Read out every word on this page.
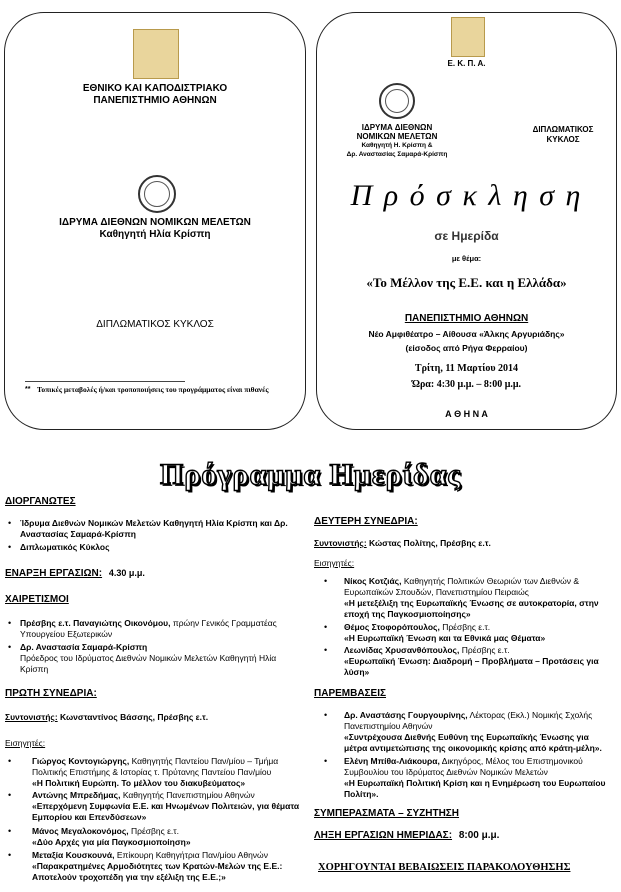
ΕΘΝΙΚΟ ΚΑΙ ΚΑΠΟΔΙΣΤΡΙΑΚΟ
ΠΑΝΕΠΙΣΤΗΜΙΟ ΑΘΗΝΩΝ
ΙΔΡΥΜΑ ΔΙΕΘΝΩΝ ΝΟΜΙΚΩΝ ΜΕΛΕΤΩΝ
Καθηγητή Ηλία Κρίσπη
ΔΙΠΛΩΜΑΤΙΚΟΣ ΚΥΚΛΟΣ
** Τοπικές μεταβολές ή/και τροποποιήσεις του προγράμματος είναι πιθανές
Ε. Κ. Π. Α.
ΙΔΡΥΜΑ ΔΙΕΘΝΩΝ
ΝΟΜΙΚΩΝ ΜΕΛΕΤΩΝ
Καθηγητή Η. Κρίσπη &
Δρ. Αναστασίας Σαμαρά-Κρίσπη
ΔΙΠΛΩΜΑΤΙΚΟΣ
ΚΥΚΛΟΣ
Π ρ ό σ κ λ η σ η
σε Ημερίδα
με θέμα:
«Το Μέλλον της Ε.Ε. και η Ελλάδα»
ΠΑΝΕΠΙΣΤΗΜΙΟ ΑΘΗΝΩΝ
Νέο Αμφιθέατρο – Αίθουσα «Άλκης Αργυριάδης»
(είσοδος από Ρήγα Φερραίου)
Τρίτη, 11 Μαρτίου 2014
Ώρα: 4:30 μ.μ. – 8:00 μ.μ.
Α Θ Η Ν Α
Πρόγραμμα Ημερίδας
ΔΙΟΡΓΑΝΩΤΕΣ
• Ίδρυμα Διεθνών Νομικών Μελετών Καθηγητή Ηλία Κρίσπη και Δρ. Αναστασίας Σαμαρά-Κρίσπη
• Διπλωματικός Κύκλος
ΕΝΑΡΞΗ ΕΡΓΑΣΙΩΝ: 4.30 μ.μ.
ΧΑΙΡΕΤΙΣΜΟΙ
• Πρέσβης ε.τ. Παναγιώτης Οικονόμου, πρώην Γενικός Γραμματέας Υπουργείου Εξωτερικών
• Δρ. Αναστασία Σαμαρά-Κρίσπη
Πρόεδρος του Ιδρύματος Διεθνών Νομικών Μελετών Καθηγητή Ηλία Κρίσπη
ΠΡΩΤΗ ΣΥΝΕΔΡΙΑ:
Συντονιστής: Κωνσταντίνος Βάσσης, Πρέσβης ε.τ.
Εισηγητές:
• Γιώργος Κοντογιώργης, Καθηγητής Παντείου Παν/μίου – Τμήμα Πολιτικής Επιστήμης & Ιστορίας τ. Πρύτανης Παντείου Παν/μίου
«Η Πολιτική Ευρώπη. Το μέλλον του διακυβεύματος»
• Αντώνης Μπρεδήμας, Καθηγητής Πανεπιστημίου Αθηνών
«Επερχόμενη Συμφωνία Ε.Ε. και Ηνωμένων Πολιτειών, για θέματα Εμπορίου και Επενδύσεων»
• Μάνος Μεγαλοκονόμος, Πρέσβης ε.τ.
«Δύο Αρχές για μία Παγκοσμιοποίηση»
• Μεταξία Κουσκουνά, Επίκουρη Καθηγήτρια Παν/μίου Αθηνών
«Παρακρατημένες Αρμοδιότητες των Κρατών-Μελών της Ε.Ε.: Αποτελούν τροχοπέδη για την εξέλιξη της Ε.Ε.;»
ΔΕΥΤΕΡΗ ΣΥΝΕΔΡΙΑ:
Συντονιστής: Κώστας Πολίτης, Πρέσβης ε.τ.
Εισηγητές:
• Νίκος Κοτζιάς, Καθηγητής Πολιτικών Θεωριών των Διεθνών & Ευρωπαϊκών Σπουδών, Πανεπιστημίου Πειραιώς
«Η μετεξέλιξη της Ευρωπαϊκής Ένωσης σε αυτοκρατορία, στην εποχή της Παγκοσμιοποίησης»
• Θέμος Στοφορόπουλος, Πρέσβης ε.τ.
«Η Ευρωπαϊκή Ένωση και τα Εθνικά μας Θέματα»
• Λεωνίδας Χρυσανθόπουλος, Πρέσβης ε.τ.
«Ευρωπαϊκή Ένωση: Διαδρομή – Προβλήματα – Προτάσεις για λύση»
ΠΑΡΕΜΒΑΣΕΙΣ
• Δρ. Αναστάσης Γουργουρίνης, Λέκτορας (Εκλ.) Νομικής Σχολής Πανεπιστημίου Αθηνών
«Συντρέχουσα Διεθνής Ευθύνη της Ευρωπαϊκής Ένωσης για μέτρα αντιμετώπισης της οικονομικής κρίσης από κράτη-μέλη».
• Ελένη Μπίθα-Λιάκουρα, Δικηγόρος, Μέλος του Επιστημονικού Συμβουλίου του Ιδρύματος Διεθνών Νομικών Μελετών
«Η Ευρωπαϊκή Πολιτική Κρίση και η Ενημέρωση του Ευρωπαίου Πολίτη».
ΣΥΜΠΕΡΑΣΜΑΤΑ – ΣΥΖΗΤΗΣΗ
ΛΗΞΗ ΕΡΓΑΣΙΩΝ ΗΜΕΡΙΔΑΣ: 8:00 μ.μ.
ΧΟΡΗΓΟΥΝΤΑΙ ΒΕΒΑΙΩΣΕΙΣ ΠΑΡΑΚΟΛΟΥΘΗΣΗΣ
